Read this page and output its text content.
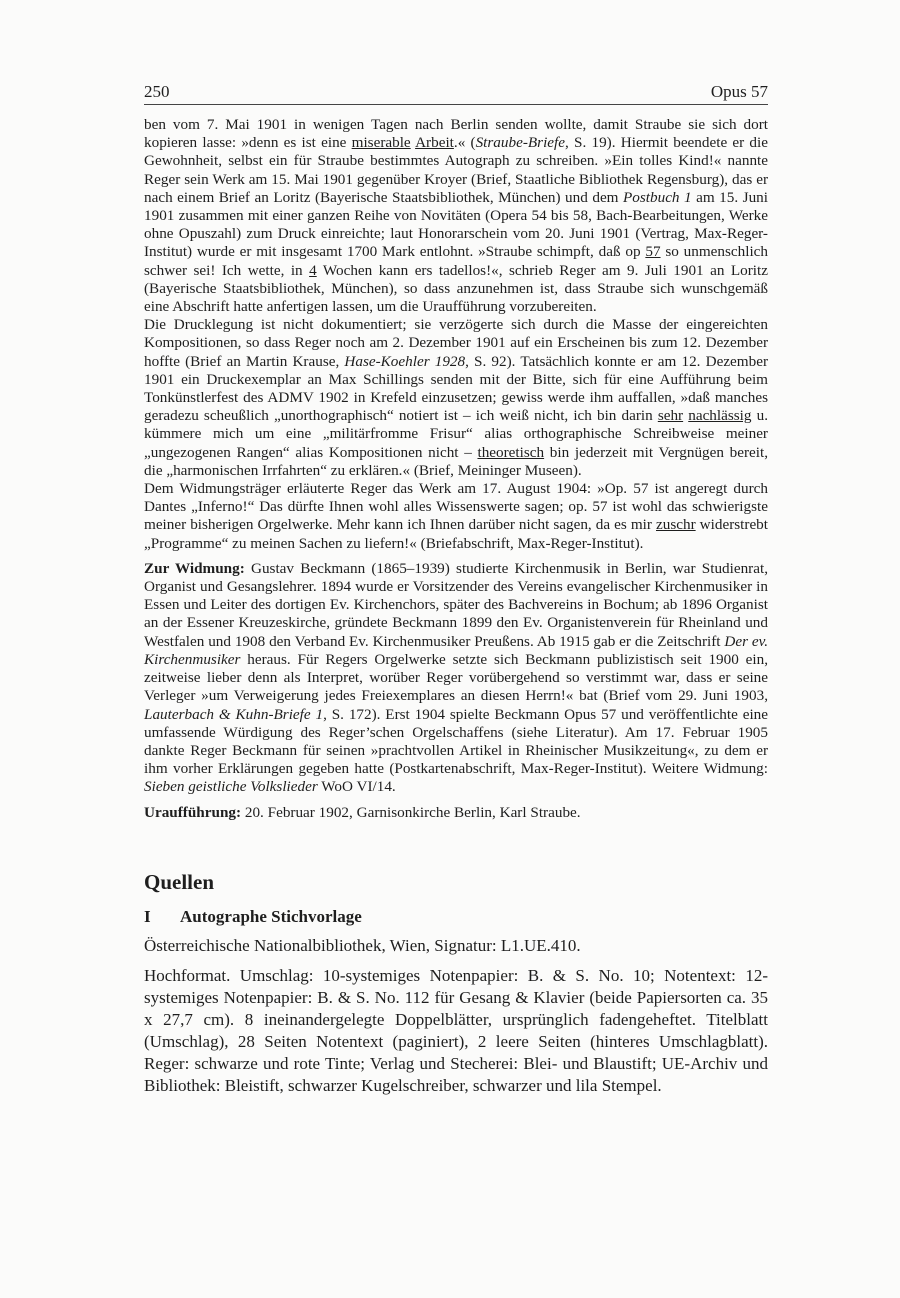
250	Opus 57

ben vom 7. Mai 1901 in wenigen Tagen nach Berlin senden wollte, damit Straube sie sich dort kopieren lasse: »denn es ist eine miserable Arbeit.« (Straube-Briefe, S. 19). Hiermit beendete er die Gewohnheit, selbst ein für Straube bestimmtes Autograph zu schreiben. »Ein tolles Kind!« nannte Reger sein Werk am 15. Mai 1901 gegenüber Kroyer (Brief, Staatliche Bibliothek Regensburg), das er nach einem Brief an Loritz (Bayerische Staatsbibliothek, München) und dem Postbuch 1 am 15. Juni 1901 zusammen mit einer ganzen Reihe von Novitäten (Opera 54 bis 58, Bach-Bearbeitungen, Werke ohne Opuszahl) zum Druck einreichte; laut Honorarschein vom 20. Juni 1901 (Vertrag, Max-Reger-Institut) wurde er mit insgesamt 1700 Mark entlohnt. »Straube schimpft, daß op 57 so unmenschlich schwer sei! Ich wette, in 4 Wochen kann ers tadellos!«, schrieb Reger am 9. Juli 1901 an Loritz (Bayerische Staatsbibliothek, München), so dass anzunehmen ist, dass Straube sich wunschgemäß eine Abschrift hatte anfertigen lassen, um die Uraufführung vorzubereiten.
Die Drucklegung ist nicht dokumentiert; sie verzögerte sich durch die Masse der eingereichten Kompositionen, so dass Reger noch am 2. Dezember 1901 auf ein Erscheinen bis zum 12. Dezember hoffte (Brief an Martin Krause, Hase-Koehler 1928, S. 92). Tatsächlich konnte er am 12. Dezember 1901 ein Druckexemplar an Max Schillings senden mit der Bitte, sich für eine Aufführung beim Tonkünstlerfest des ADMV 1902 in Krefeld einzusetzen; gewiss werde ihm auffallen, »daß manches geradezu scheußlich „unorthographisch“ notiert ist – ich weiß nicht, ich bin darin sehr nachlässig u. kümmere mich um eine „militärfromme Frisur“ alias orthographische Schreibweise meiner „ungezogenen Rangen“ alias Kompositionen nicht – theoretisch bin jederzeit mit Vergnügen bereit, die „harmonischen Irrfahrten“ zu erklären.« (Brief, Meininger Museen).
Dem Widmungsträger erläuterte Reger das Werk am 17. August 1904: »Op. 57 ist angeregt durch Dantes „Inferno!“ Das dürfte Ihnen wohl alles Wissenswerte sagen; op. 57 ist wohl das schwierigste meiner bisherigen Orgelwerke. Mehr kann ich Ihnen darüber nicht sagen, da es mir zuschr widerstrebt „Programme“ zu meinen Sachen zu liefern!« (Briefabschrift, Max-Reger-Institut).

Zur Widmung: Gustav Beckmann (1865–1939) studierte Kirchenmusik in Berlin, war Studienrat, Organist und Gesangslehrer. 1894 wurde er Vorsitzender des Vereins evangelischer Kirchenmusiker in Essen und Leiter des dortigen Ev. Kirchenchors, später des Bachvereins in Bochum; ab 1896 Organist an der Essener Kreuzeskirche, gründete Beckmann 1899 den Ev. Organistenverein für Rheinland und Westfalen und 1908 den Verband Ev. Kirchenmusiker Preußens. Ab 1915 gab er die Zeitschrift Der ev. Kirchenmusiker heraus. Für Regers Orgelwerke setzte sich Beckmann publizistisch seit 1900 ein, zeitweise lieber denn als Interpret, worüber Reger vorübergehend so verstimmt war, dass er seine Verleger »um Verweigerung jedes Freiexemplares an diesen Herrn!« bat (Brief vom 29. Juni 1903, Lauterbach & Kuhn-Briefe 1, S. 172). Erst 1904 spielte Beckmann Opus 57 und veröffentlichte eine umfassende Würdigung des Reger’schen Orgelschaffens (siehe Literatur). Am 17. Februar 1905 dankte Reger Beckmann für seinen »prachtvollen Artikel in Rheinischer Musikzeitung«, zu dem er ihm vorher Erklärungen gegeben hatte (Postkartenabschrift, Max-Reger-Institut). Weitere Widmung: Sieben geistliche Volkslieder WoO VI/14.

Uraufführung: 20. Februar 1902, Garnisonkirche Berlin, Karl Straube.

Quellen
I Autographe Stichvorlage

Österreichische Nationalbibliothek, Wien, Signatur: L1.UE.410.

Hochformat. Umschlag: 10-systemiges Notenpapier: B. & S. No. 10; Notentext: 12-systemiges Notenpapier: B. & S. No. 112 für Gesang & Klavier (beide Papiersorten ca. 35 x 27,7 cm). 8 ineinandergelegte Doppelblätter, ursprünglich fadengeheftet. Titelblatt (Umschlag), 28 Seiten Notentext (paginiert), 2 leere Seiten (hinteres Umschlagblatt). Reger: schwarze und rote Tinte; Verlag und Stecherei: Blei- und Blaustift; UE-Archiv und Bibliothek: Bleistift, schwarzer Kugelschreiber, schwarzer und lila Stempel.
